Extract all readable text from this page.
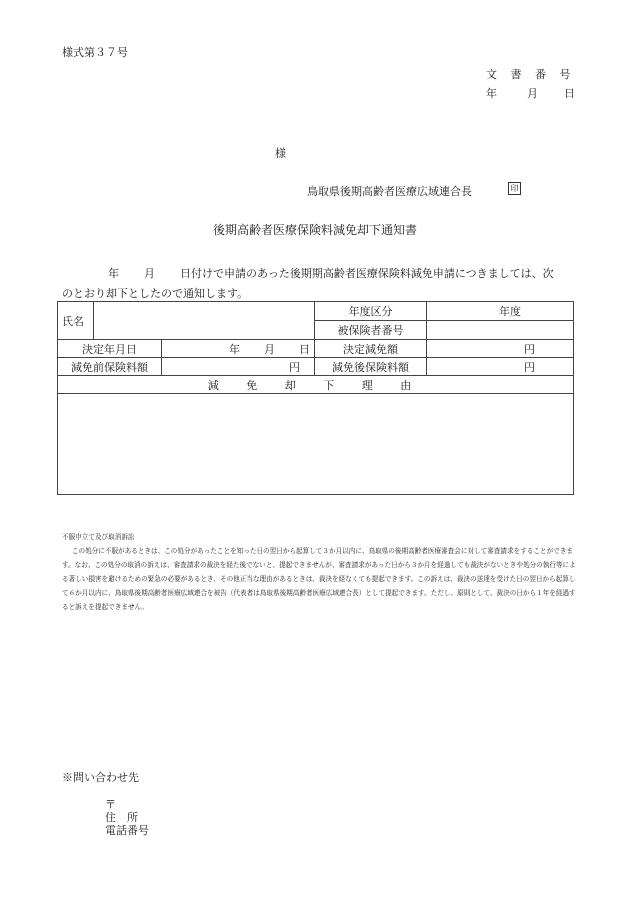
様式第３７号
文 書 番 号
年	月 日
様
鳥取県後期高齢者医療広域連合長	印
後期高齢者医療保険料減免却下通知書
年 月 日付けで申請のあった後期期高齢者医療保険料減免申請につきましては、次
のとおり却下としたので通知します。
氏名			年度区分	年度
			被保険者番号	
決定年月日		年 月 日	決定減免額	円
減免前保険料額		円	減免後保険料額	円
減 免 却 下 理 由				

不服申立て及び取消訴訟
この処分に不服があるときは、この処分があったことを知った日の翌日から起算して３か月以内に、鳥取県の後期高齢者医療審査会に対して審査請求をすることができます。なお、この処分の取消の訴えは、審査請求の裁決を経た後でないと、提起できませんが、審査請求があった日から３か月を経過しても裁決がないときや処分の執行等による著しい損害を避けるための緊急の必要があるとき、その他正当な理由があるときは、裁決を経なくても提起できます。この訴えは、裁決の送達を受けた日の翌日から起算して６か月以内に、鳥取県後期高齢者医療広域連合を被告（代表者は鳥取県後期高齢者医療広域連合長）として提起できます。ただし、原則として、裁決の日から１年を経過すると訴えを提起できません。
※問い合わせ先
〒
住　所
電話番号
